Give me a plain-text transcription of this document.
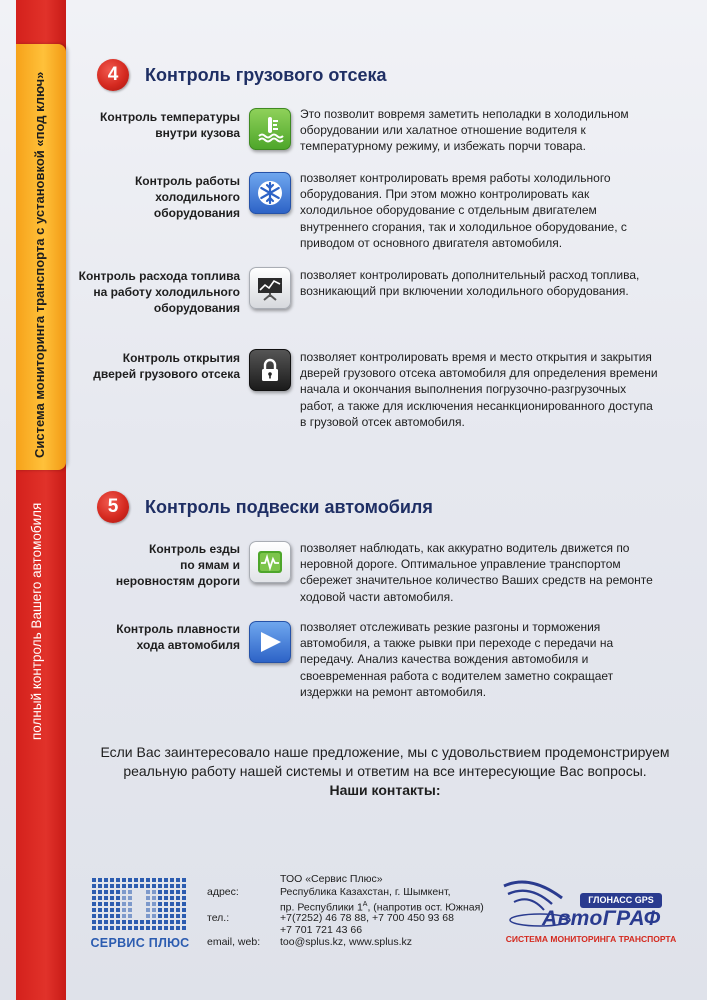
Система мониторинга транспорта с установкой «под ключ»
полный контроль Вашего автомобиля
4	Контроль грузового отсека
Контроль температуры
внутри кузова
Это позволит вовремя заметить неполадки в холодильном
оборудовании или халатное отношение водителя к
температурному режиму, и избежать порчи товара.
Контроль работы
холодильного
оборудования
позволяет контролировать время работы холодильного
оборудования. При этом можно контролировать как
холодильное оборудование с отдельным двигателем
внутреннего сгорания, так и холодильное оборудование, с
приводом от основного двигателя автомобиля.
Контроль расхода топлива
на работу холодильного
оборудования
позволяет контролировать дополнительный расход топлива,
возникающий при включении холодильного оборудования.
Контроль открытия
дверей грузового отсека
позволяет контролировать время и место открытия и закрытия
дверей грузового отсека автомобиля для определения времени
начала и окончания выполнения погрузочно-разгрузочных
работ, а также для исключения несанкционированного доступа
в грузовой отсек автомобиля.
5	Контроль подвески автомобиля
Контроль езды
по ямам и
неровностям дороги
позволяет наблюдать, как аккуратно водитель движется по
неровной дороге. Оптимальное управление транспортом
сбережет значительное количество Ваших средств на ремонте
ходовой части автомобиля.
Контроль плавности
хода автомобиля
позволяет отслеживать резкие разгоны и торможения
автомобиля, а также рывки при переходе с передачи на
передачу. Анализ качества вождения автомобиля и
своевременная работа с водителем заметно сокращает
издержки на ремонт автомобиля.
Если Вас заинтересовало наше предложение, мы с удовольствием продемонстрируем
реальную работу нашей системы и ответим на все интересующие Вас вопросы.
Наши контакты:
СЕРВИС ПЛЮС
адрес:
тел.:
email, web:
ТОО «Сервис Плюс»
Республика Казахстан, г. Шымкент,
пр. Республики $1^А$, (напротив ост. Южная)
+7(7252) 46 78 88, +7 700 450 93 68
+7 701 721 43 66
too@splus.kz, www.splus.kz
ГЛОНАСС GPS
АвтоГРАФ
СИСТЕМА МОНИТОРИНГА ТРАНСПОРТА
